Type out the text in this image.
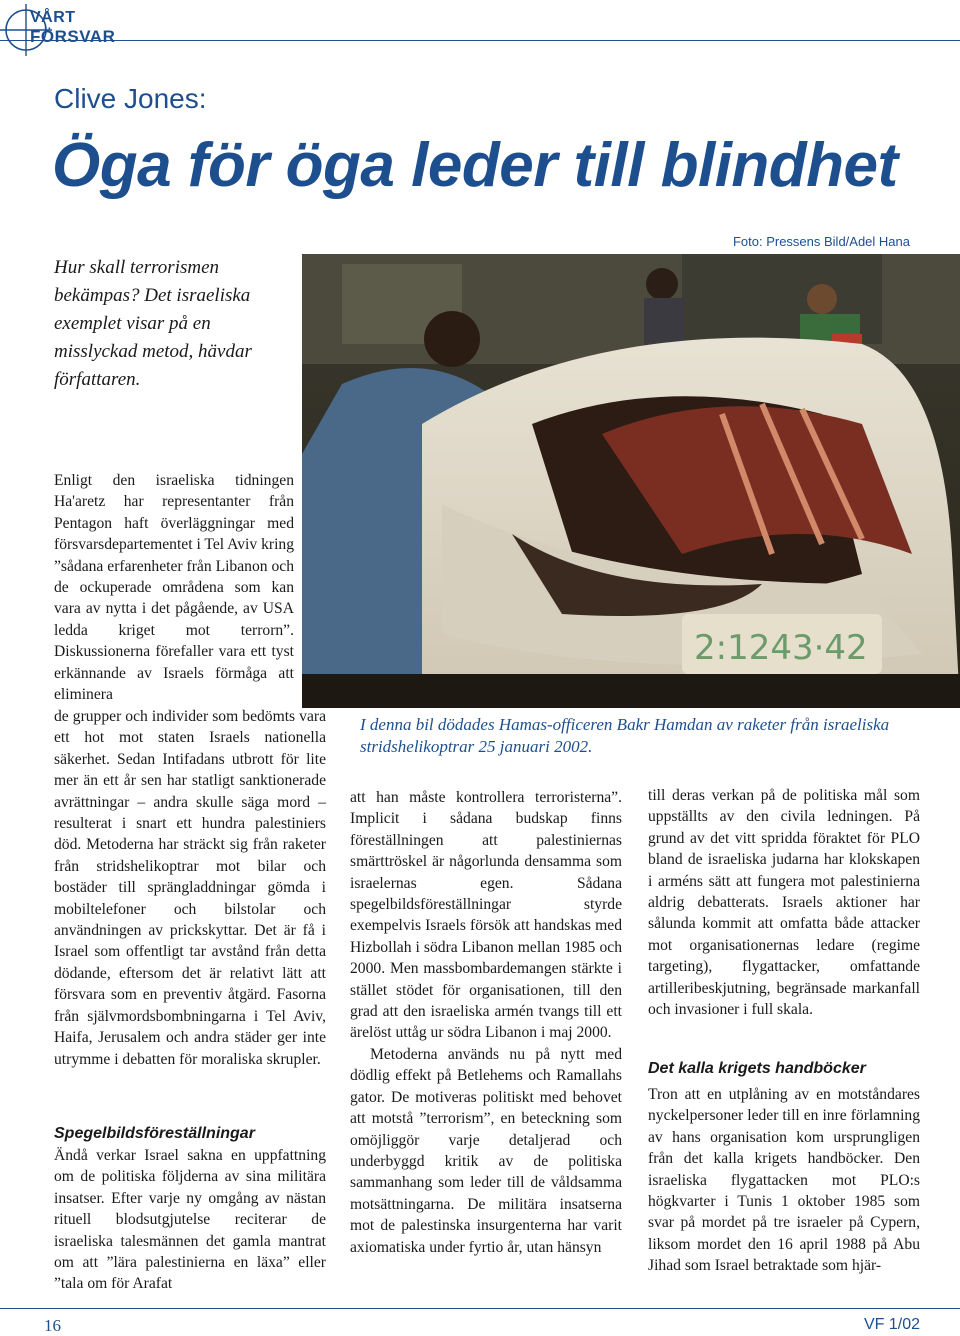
VÅRT
FÖRSVAR
Clive Jones:
Öga för öga leder till blindhet
Foto: Pressens Bild/Adel Hana
Hur skall terrorismen bekämpas? Det israeliska exemplet visar på en misslyckad metod, hävdar författaren.
2:1243·42
I denna bil dödades Hamas-officeren Bakr Hamdan av raketer från israeliska stridshelikoptrar 25 januari 2002.
Enligt den israeliska tidningen Ha'aretz har representanter från Pentagon haft överläggningar med försvarsdepartementet i Tel Aviv kring ”sådana erfarenheter från Libanon och de ockuperade områdena som kan vara av nytta i det pågående, av USA ledda kriget mot terrorn”. Diskussionerna förefaller vara ett tyst erkännande av Israels förmåga att eliminera
de grupper och individer som bedömts vara ett hot mot staten Israels nationella säkerhet. Sedan Intifadans utbrott för lite mer än ett år sen har statligt sanktionerade avrättningar – andra skulle säga mord – resulterat i snart ett hundra palestiniers död. Metoderna har sträckt sig från raketer från stridshelikoptrar mot bilar och bostäder till sprängladdningar gömda i mobiltelefoner och bilstolar och användningen av prickskyttar. Det är få i Israel som offentligt tar avstånd från detta dödande, eftersom det är relativt lätt att försvara som en preventiv åtgärd. Fasorna från självmordsbombningarna i Tel Aviv, Haifa, Jerusalem och andra städer ger inte utrymme i debatten för moraliska skrupler.
Spegelbildsföreställningar
Ändå verkar Israel sakna en uppfattning om de politiska följderna av sina militära insatser. Efter varje ny omgång av nästan rituell blodsutgjutelse reciterar de israeliska talesmännen det gamla mantrat om att ”lära palestinierna en läxa” eller ”tala om för Arafat

att han måste kontrollera terroristerna”. Implicit i sådana budskap finns föreställningen att palestiniernas smärttröskel är någorlunda densamma som israelernas egen. Sådana spegelbildsföreställningar styrde exempelvis Israels försök att handskas med Hizbollah i södra Libanon mellan 1985 och 2000. Men massbombardemangen stärkte i stället stödet för organisationen, till den grad att den israeliska armén tvangs till ett ärelöst uttåg ur södra Libanon i maj 2000.

Metoderna används nu på nytt med dödlig effekt på Betlehems och Ramallahs gator. De motiveras politiskt med behovet att motstå ”terrorism”, en beteckning som omöjliggör varje detaljerad och underbyggd kritik av de politiska sammanhang som leder till de våldsamma motsättningarna. De militära insatserna mot de palestinska insurgenterna har varit axiomatiska under fyrtio år, utan hänsyn

till deras verkan på de politiska mål som uppställts av den civila ledningen. På grund av det vitt spridda föraktet för PLO bland de israeliska judarna har klokskapen i arméns sätt att fungera mot palestinierna aldrig debatterats. Israels aktioner har sålunda kommit att omfatta både attacker mot organisationernas ledare (regime targeting), flygattacker, omfattande artilleribeskjutning, begränsade markanfall och invasioner i full skala.
Det kalla krigets handböcker
Tron att en utplåning av en motståndares nyckelpersoner leder till en inre förlamning av hans organisation kom ursprungligen från det kalla krigets handböcker. Den israeliska flygattacken mot PLO:s högkvarter i Tunis 1 oktober 1985 som svar på mordet på tre israeler på Cypern, liksom mordet den 16 april 1988 på Abu Jihad som Israel betraktade som hjär-
16	VF 1/02
